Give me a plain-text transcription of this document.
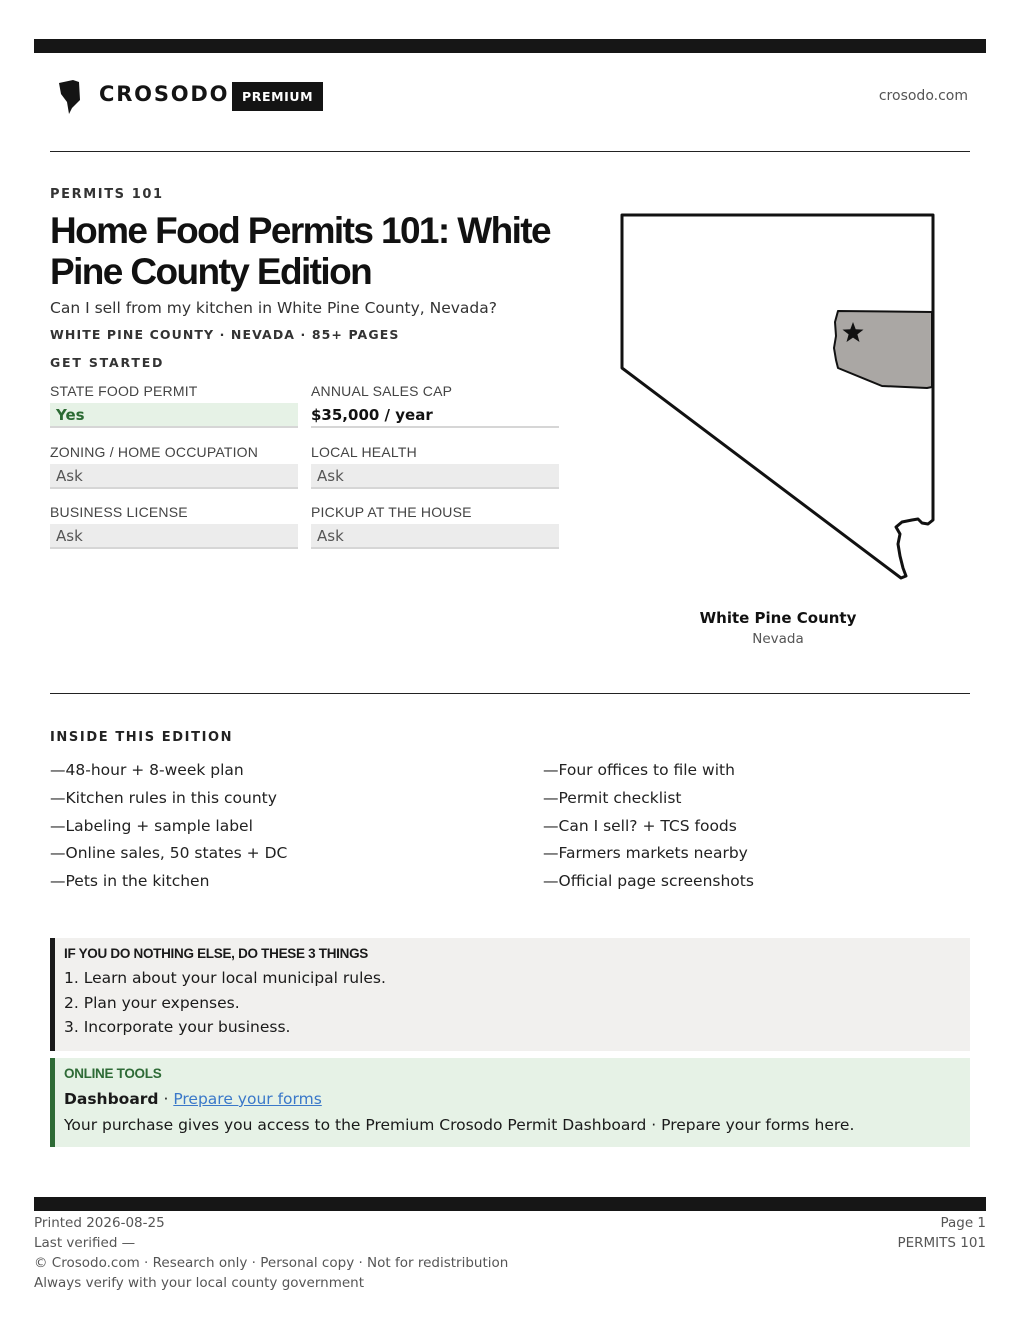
CROSODO	PREMIUM	crosodo.com
PERMITS 101
Home Food Permits 101: White Pine County Edition
Can I sell from my kitchen in White Pine County, Nevada?
WHITE PINE COUNTY · NEVADA · 85+ PAGES
GET STARTED
STATE FOOD PERMIT
Yes
ANNUAL SALES CAP
$35,000 / year
ZONING / HOME OCCUPATION
Ask
LOCAL HEALTH
Ask
BUSINESS LICENSE
Ask
PICKUP AT THE HOUSE
Ask
White Pine County
Nevada
INSIDE THIS EDITION
—48-hour + 8-week plan
—Kitchen rules in this county
—Labeling + sample label
—Online sales, 50 states + DC
—Pets in the kitchen
—Four offices to file with
—Permit checklist
—Can I sell? + TCS foods
—Farmers markets nearby
—Official page screenshots
IF YOU DO NOTHING ELSE, DO THESE 3 THINGS
1. Learn about your local municipal rules.
2. Plan your expenses.
3. Incorporate your business.
ONLINE TOOLS
Dashboard · Prepare your forms
Your purchase gives you access to the Premium Crosodo Permit Dashboard · Prepare your forms here.
Printed 2026-08-25
Last verified —
© Crosodo.com · Research only · Personal copy · Not for redistribution
Always verify with your local county government
Page 1
PERMITS 101
